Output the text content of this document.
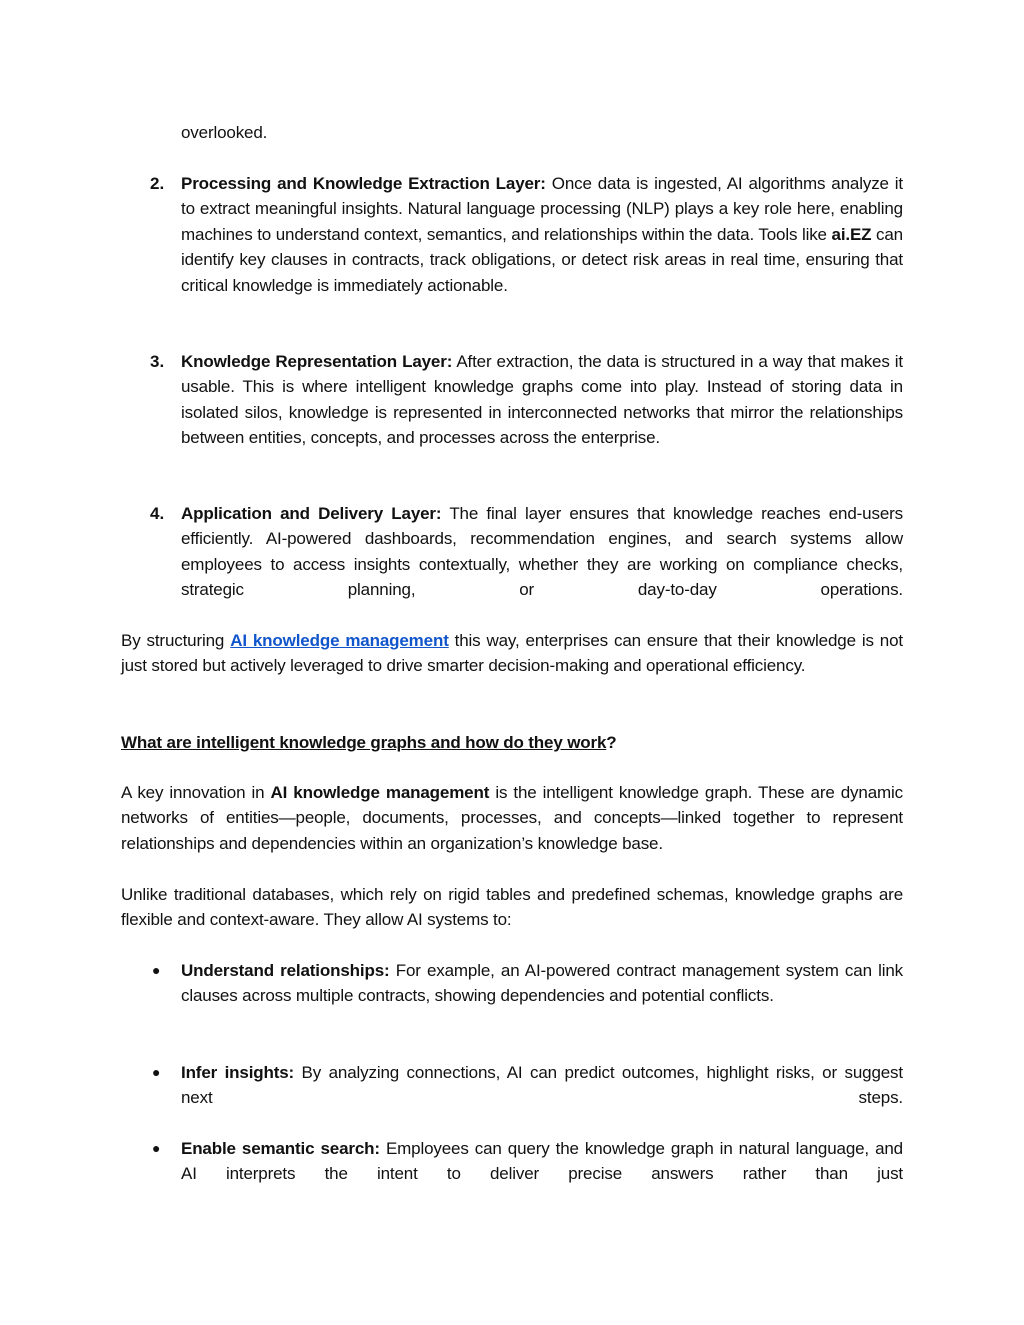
overlooked.

2. Processing and Knowledge Extraction Layer: Once data is ingested, AI algorithms analyze it to extract meaningful insights. Natural language processing (NLP) plays a key role here, enabling machines to understand context, semantics, and relationships within the data. Tools like ai.EZ can identify key clauses in contracts, track obligations, or detect risk areas in real time, ensuring that critical knowledge is immediately actionable.

3. Knowledge Representation Layer: After extraction, the data is structured in a way that makes it usable. This is where intelligent knowledge graphs come into play. Instead of storing data in isolated silos, knowledge is represented in interconnected networks that mirror the relationships between entities, concepts, and processes across the enterprise.

4. Application and Delivery Layer: The final layer ensures that knowledge reaches end-users efficiently. AI-powered dashboards, recommendation engines, and search systems allow employees to access insights contextually, whether they are working on compliance checks, strategic planning, or day-to-day operations.

By structuring AI knowledge management this way, enterprises can ensure that their knowledge is not just stored but actively leveraged to drive smarter decision-making and operational efficiency.

What are intelligent knowledge graphs and how do they work?

A key innovation in AI knowledge management is the intelligent knowledge graph. These are dynamic networks of entities—people, documents, processes, and concepts—linked together to represent relationships and dependencies within an organization’s knowledge base.

Unlike traditional databases, which rely on rigid tables and predefined schemas, knowledge graphs are flexible and context-aware. They allow AI systems to:

● Understand relationships: For example, an AI-powered contract management system can link clauses across multiple contracts, showing dependencies and potential conflicts.

● Infer insights: By analyzing connections, AI can predict outcomes, highlight risks, or suggest next steps.

● Enable semantic search: Employees can query the knowledge graph in natural language, and AI interprets the intent to deliver precise answers rather than just
